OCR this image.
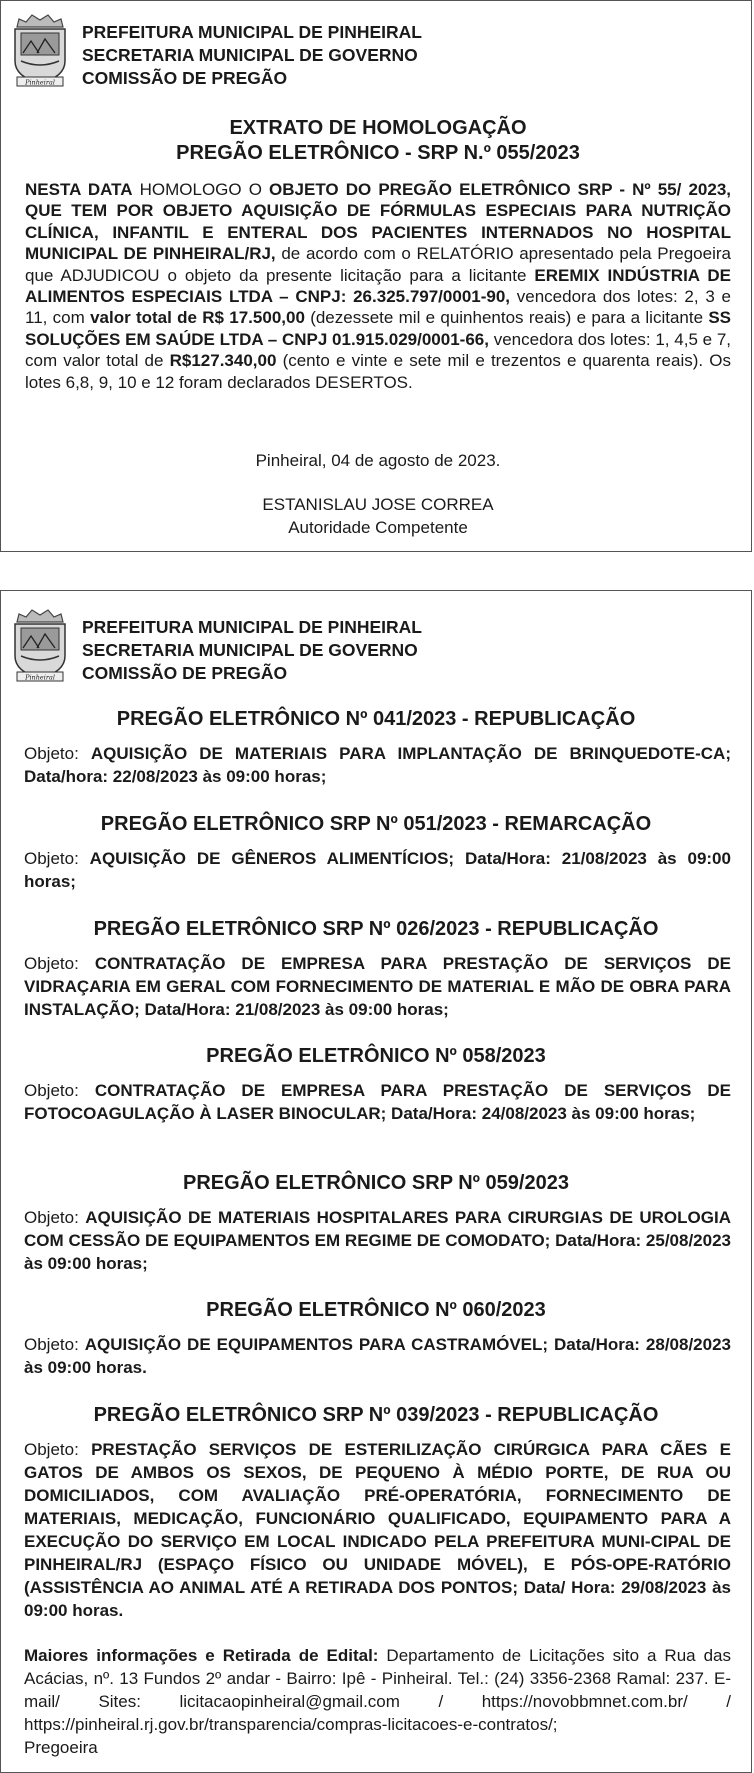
Pinheiral
PREFEITURA MUNICIPAL DE PINHEIRAL
SECRETARIA MUNICIPAL DE GOVERNO
COMISSÃO DE PREGÃO
EXTRATO DE HOMOLOGAÇÃO
PREGÃO ELETRÔNICO - SRP N.º 055/2023

NESTA DATA HOMOLOGO O OBJETO DO PREGÃO ELETRÔNICO SRP - Nº 55/ 2023, QUE TEM POR OBJETO AQUISIÇÃO DE FÓRMULAS ESPECIAIS PARA NUTRIÇÃO CLÍNICA, INFANTIL E ENTERAL DOS PACIENTES INTERNADOS NO HOSPITAL MUNICIPAL DE PINHEIRAL/RJ, de acordo com o RELATÓRIO apresentado pela Pregoeira que ADJUDICOU o objeto da presente licitação para a licitante EREMIX INDÚSTRIA DE ALIMENTOS ESPECIAIS LTDA – CNPJ: 26.325.797/0001-90, vencedora dos lotes: 2, 3 e 11, com valor total de R$ 17.500,00 (dezessete mil e quinhentos reais) e para a licitante SS SOLUÇÕES EM SAÚDE LTDA – CNPJ 01.915.029/0001-66, vencedora dos lotes: 1, 4,5 e 7, com valor total de R$127.340,00 (cento e vinte e sete mil e trezentos e quarenta reais). Os lotes 6,8, 9, 10 e 12 foram declarados DESERTOS.

Pinheiral, 04 de agosto de 2023.
ESTANISLAU JOSE CORREA
Autoridade Competente
Pinheiral
PREFEITURA MUNICIPAL DE PINHEIRAL
SECRETARIA MUNICIPAL DE GOVERNO
COMISSÃO DE PREGÃO
PREGÃO ELETRÔNICO Nº 041/2023 - REPUBLICAÇÃO
Objeto: AQUISIÇÃO DE MATERIAIS PARA IMPLANTAÇÃO DE BRINQUEDOTE-CA; Data/hora: 22/08/2023 às 09:00 horas;
PREGÃO ELETRÔNICO SRP Nº 051/2023 - REMARCAÇÃO
Objeto: AQUISIÇÃO DE GÊNEROS ALIMENTÍCIOS; Data/Hora: 21/08/2023 às 09:00 horas;
PREGÃO ELETRÔNICO SRP Nº 026/2023 - REPUBLICAÇÃO
Objeto: CONTRATAÇÃO DE EMPRESA PARA PRESTAÇÃO DE SERVIÇOS DE VIDRAÇARIA EM GERAL COM FORNECIMENTO DE MATERIAL E MÃO DE OBRA PARA INSTALAÇÃO; Data/Hora: 21/08/2023 às 09:00 horas;
PREGÃO ELETRÔNICO Nº 058/2023
Objeto: CONTRATAÇÃO DE EMPRESA PARA PRESTAÇÃO DE SERVIÇOS DE FOTOCOAGULAÇÃO À LASER BINOCULAR; Data/Hora: 24/08/2023 às 09:00 horas;
PREGÃO ELETRÔNICO SRP Nº 059/2023
Objeto: AQUISIÇÃO DE MATERIAIS HOSPITALARES PARA CIRURGIAS DE UROLOGIA COM CESSÃO DE EQUIPAMENTOS EM REGIME DE COMODATO; Data/Hora: 25/08/2023 às 09:00 horas;
PREGÃO ELETRÔNICO Nº 060/2023
Objeto: AQUISIÇÃO DE EQUIPAMENTOS PARA CASTRAMÓVEL; Data/Hora: 28/08/2023 às 09:00 horas.
PREGÃO ELETRÔNICO SRP Nº 039/2023 - REPUBLICAÇÃO
Objeto: PRESTAÇÃO SERVIÇOS DE ESTERILIZAÇÃO CIRÚRGICA PARA CÃES E GATOS DE AMBOS OS SEXOS, DE PEQUENO À MÉDIO PORTE, DE RUA OU DOMICILIADOS, COM AVALIAÇÃO PRÉ-OPERATÓRIA, FORNECIMENTO DE MATERIAIS, MEDICAÇÃO, FUNCIONÁRIO QUALIFICADO, EQUIPAMENTO PARA A EXECUÇÃO DO SERVIÇO EM LOCAL INDICADO PELA PREFEITURA MUNI-CIPAL DE PINHEIRAL/RJ (ESPAÇO FÍSICO OU UNIDADE MÓVEL), E PÓS-OPE-RATÓRIO (ASSISTÊNCIA AO ANIMAL ATÉ A RETIRADA DOS PONTOS; Data/ Hora: 29/08/2023 às 09:00 horas.
Maiores informações e Retirada de Edital: Departamento de Licitações sito a Rua das Acácias, nº. 13 Fundos 2º andar - Bairro: Ipê - Pinheiral. Tel.: (24) 3356-2368 Ramal: 237. E-mail/ Sites: licitacaopinheiral@gmail.com / https://novobbmnet.com.br/ / https://pinheiral.rj.gov.br/transparencia/compras-licitacoes-e-contratos/;
Pregoeira
